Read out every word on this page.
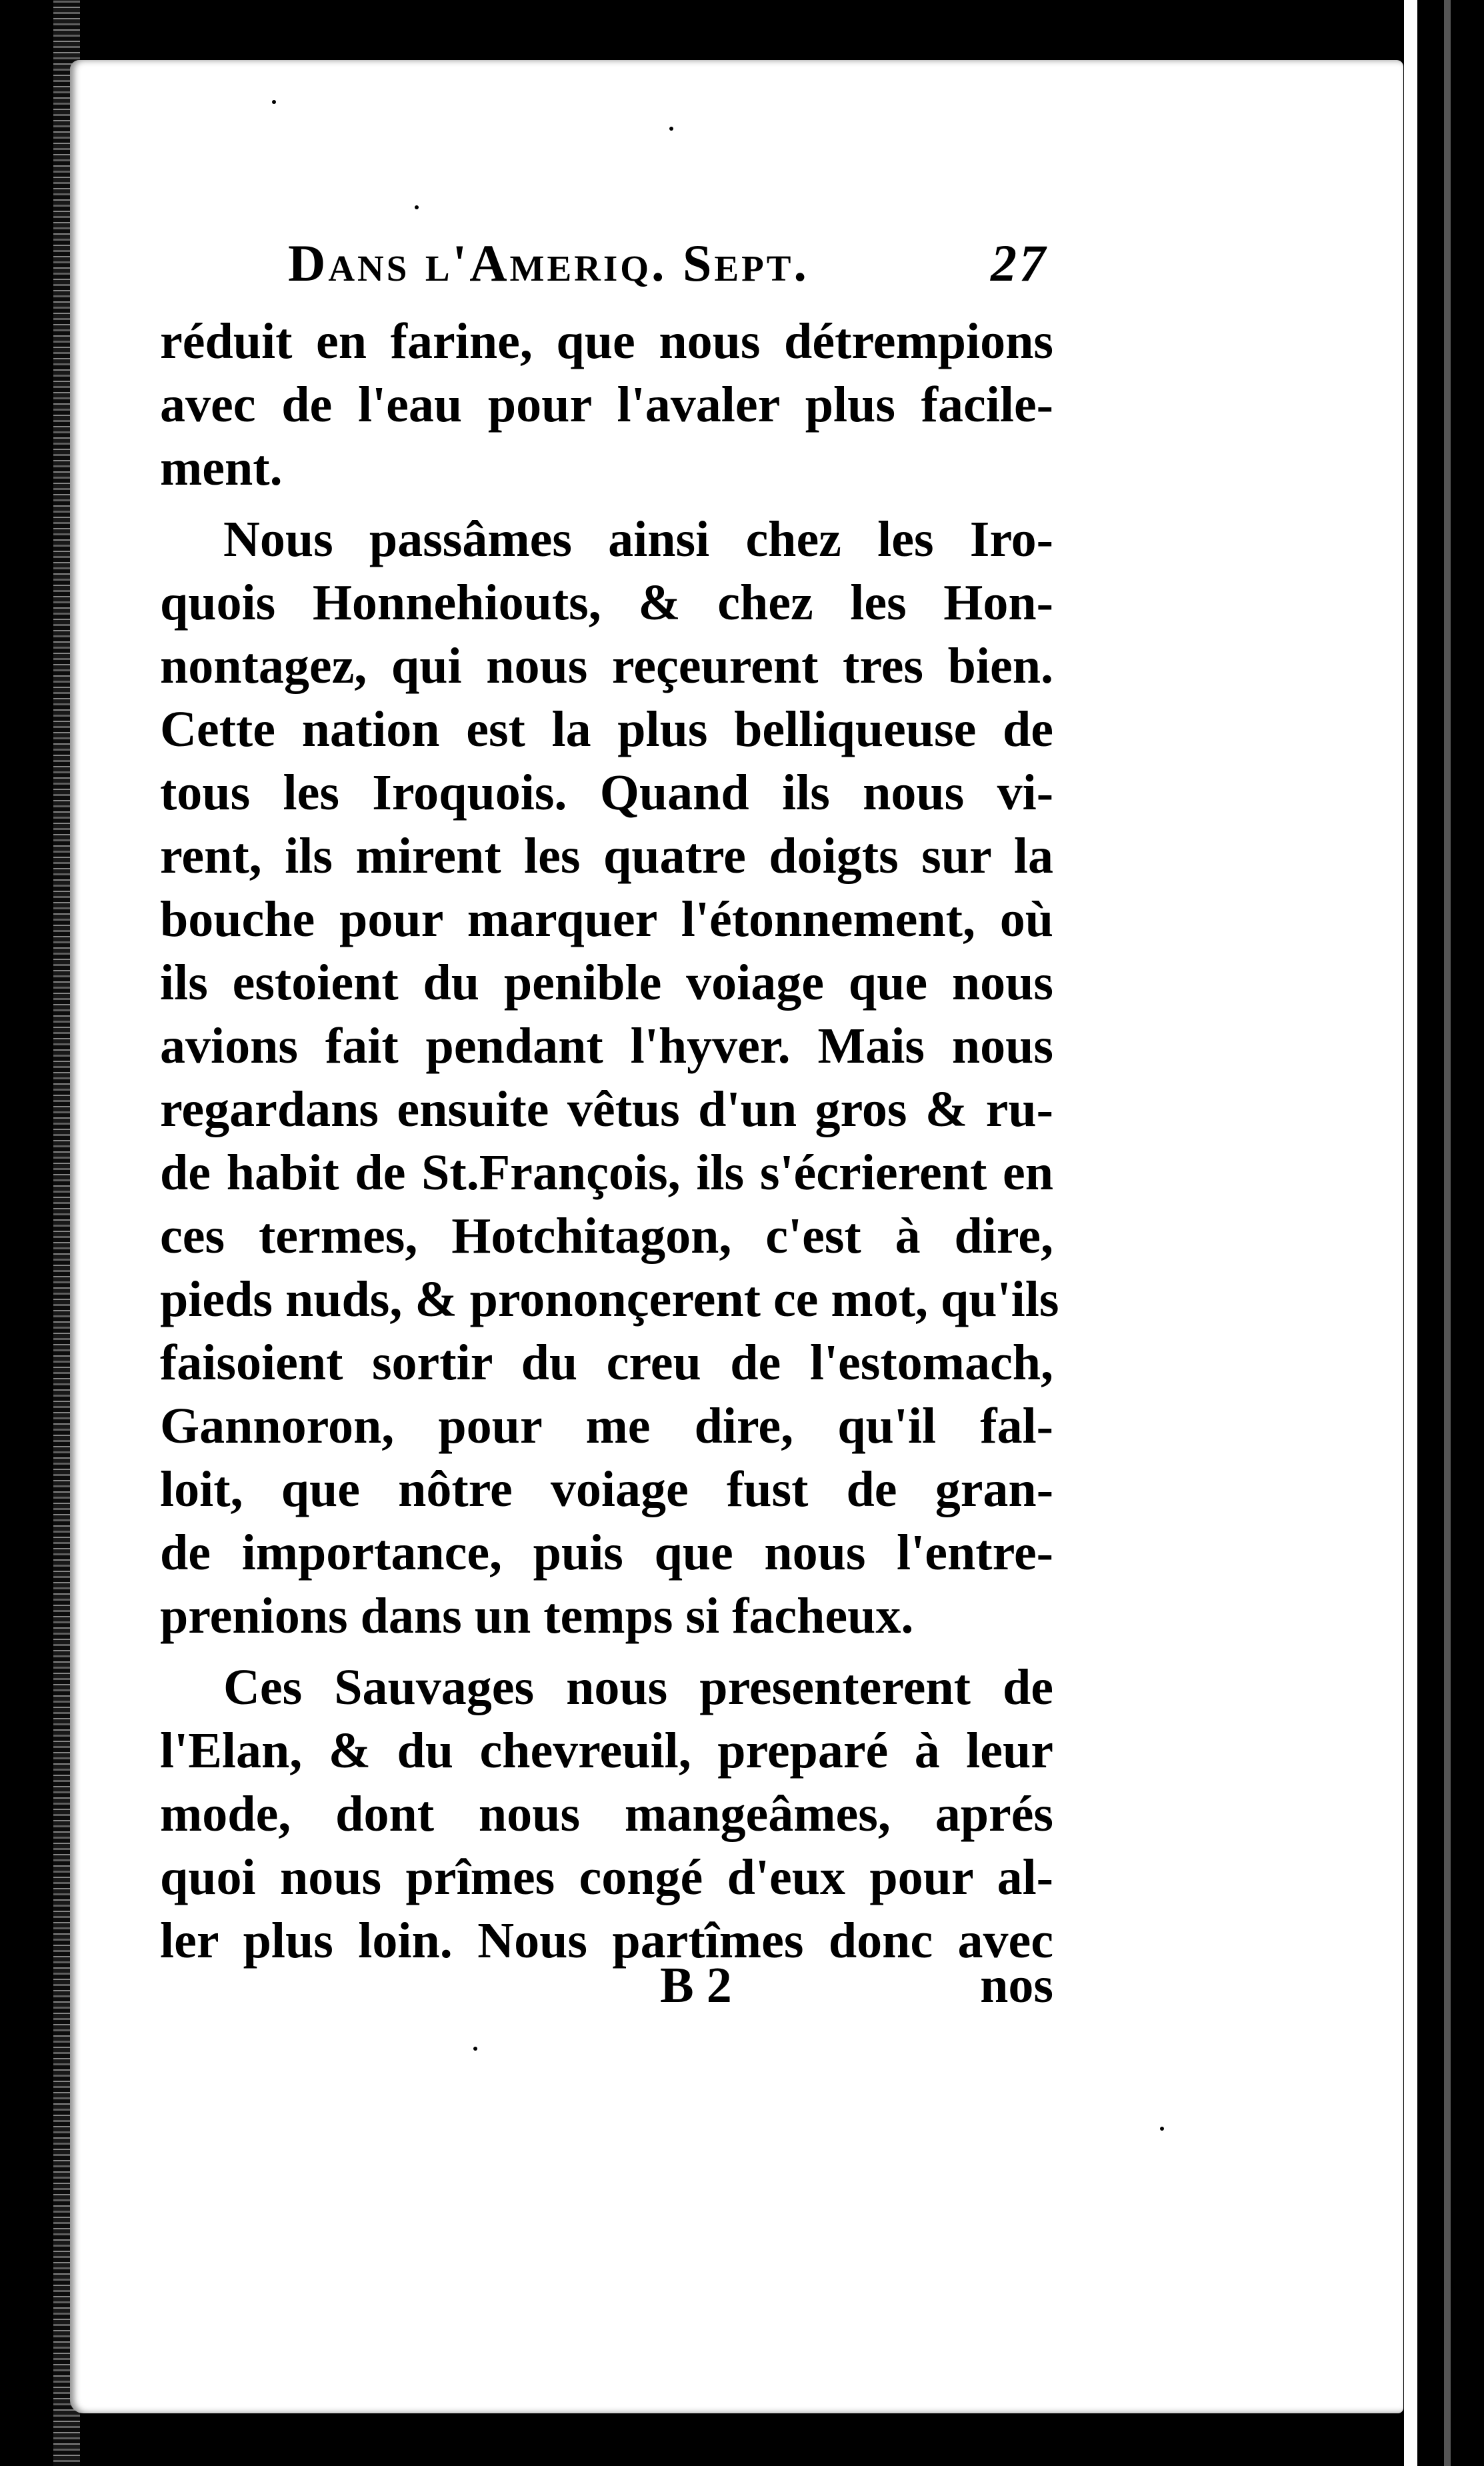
Dans l'Ameriq. Sept.	27
réduit en farine, que nous détrempions
avec de l'eau pour l'avaler plus facile-
ment.
Nous passâmes ainsi chez les Iro-
quois Honnehiouts, & chez les Hon-
nontagez, qui nous reçeurent tres bien.
Cette nation est la plus belliqueuse de
tous les Iroquois. Quand ils nous vi-
rent, ils mirent les quatre doigts sur la
bouche pour marquer l'étonnement, où
ils estoient du penible voiage que nous
avions fait pendant l'hyver. Mais nous
regardans ensuite vêtus d'un gros & ru-
de habit de St.François, ils s'écrierent en
ces termes, Hotchitagon, c'est à dire,
pieds nuds, & prononçerent ce mot, qu'ils
faisoient sortir du creu de l'estomach,
Gannoron, pour me dire, qu'il fal-
loit, que nôtre voiage fust de gran-
de importance, puis que nous l'entre-
prenions dans un temps si facheux.
Ces Sauvages nous presenterent de
l'Elan, & du chevreuil, preparé à leur
mode, dont nous mangeâmes, aprés
quoi nous prîmes congé d'eux pour al-
ler plus loin. Nous partîmes donc avec
B 2	nos
